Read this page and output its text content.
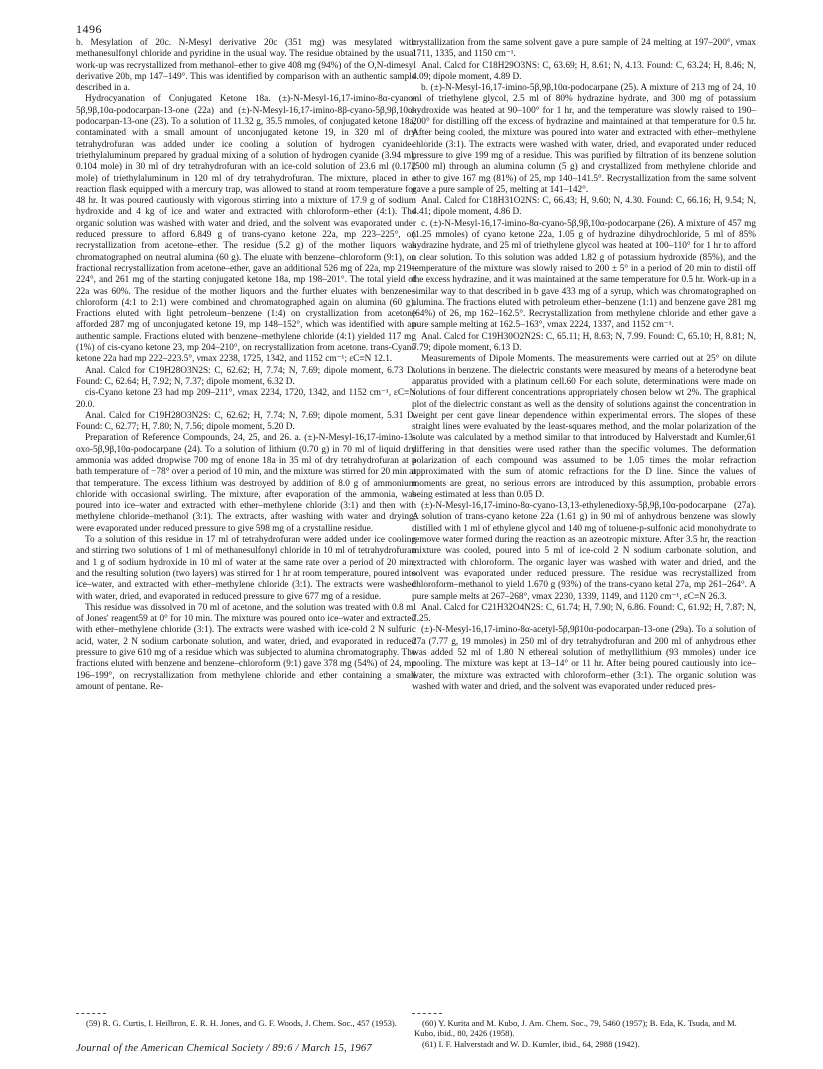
1496

b. Mesylation of 20c. N-Mesyl derivative 20c (351 mg) was mesylated with methanesulfonyl chloride and pyridine in the usual way. The residue obtained by the usual work-up was recrystallized from methanol–ether to give 408 mg (94%) of the O,N-dimesyl derivative 20b, mp 147–149°. This was identified by comparison with an authentic sample described in a.

Hydrocyanation of Conjugated Ketone 18a. (±)-N-Mesyl-16,17-imino-8α-cyano-5β,9β,10α-podocarpan-13-one (22a) and (±)-N-Mesyl-16,17-imino-8β-cyano-5β,9β,10α-podocarpan-13-one (23). To a solution of 11.32 g, 35.5 mmoles, of conjugated ketone 18a, contaminated with a small amount of unconjugated ketone 19, in 320 ml of dry tetrahydrofuran was added under ice cooling a solution of hydrogen cyanide–triethylaluminum prepared by gradual mixing of a solution of hydrogen cyanide (3.94 ml, 0.104 mole) in 30 ml of dry tetrahydrofuran with an ice-cold solution of 23.6 ml (0.172 mole) of triethylaluminum in 120 ml of dry tetrahydrofuran. The mixture, placed in a reaction flask equipped with a mercury trap, was allowed to stand at room temperature for 48 hr. It was poured cautiously with vigorous stirring into a mixture of 17.9 g of sodium hydroxide and 4 kg of ice and water and extracted with chloroform–ether (4:1). The organic solution was washed with water and dried, and the solvent was evaporated under reduced pressure to afford 6.849 g of trans-cyano ketone 22a, mp 223–225°, on recrystallization from acetone–ether. The residue (5.2 g) of the mother liquors was chromatographed on neutral alumina (60 g). The eluate with benzene–chloroform (9:1), on fractional recrystallization from acetone–ether, gave an additional 526 mg of 22a, mp 219–224°, and 261 mg of the starting conjugated ketone 18a, mp 198–201°. The total yield of 22a was 60%. The residue of the mother liquors and the further eluates with benzene–chloroform (4:1 to 2:1) were combined and chromatographed again on alumina (60 g). Fractions eluted with light petroleum–benzene (1:4) on crystallization from acetone afforded 287 mg of unconjugated ketone 19, mp 148–152°, which was identified with an authentic sample. Fractions eluted with benzene–methylene chloride (4:1) yielded 117 mg (1%) of cis-cyano ketone 23, mp 204–210°, on recrystallization from acetone. trans-Cyano ketone 22a had mp 222–223.5°, νmax 2238, 1725, 1342, and 1152 cm⁻¹; εC≡N 12.1.

Anal. Calcd for C19H28O3N2S: C, 62.62; H, 7.74; N, 7.69; dipole moment, 6.73 D. Found: C, 62.64; H, 7.92; N, 7.37; dipole moment, 6.32 D.

cis-Cyano ketone 23 had mp 209–211°, νmax 2234, 1720, 1342, and 1152 cm⁻¹, εC≡N 20.0.

Anal. Calcd for C19H28O3N2S: C, 62.62; H, 7.74; N, 7.69; dipole moment, 5.31 D. Found: C, 62.77; H, 7.80; N, 7.56; dipole moment, 5.20 D.

Preparation of Reference Compounds, 24, 25, and 26. a. (±)-N-Mesyl-16,17-imino-13-oxo-5β,9β,10α-podocarpane (24). To a solution of lithium (0.70 g) in 70 ml of liquid dry ammonia was added dropwise 700 mg of enone 18a in 35 ml of dry tetrahydrofuran at a bath temperature of −78° over a period of 10 min, and the mixture was stirred for 20 min at that temperature. The excess lithium was destroyed by addition of 8.0 g of ammonium chloride with occasional swirling. The mixture, after evaporation of the ammonia, was poured into ice–water and extracted with ether–methylene chloride (3:1) and then with methylene chloride–methanol (3:1). The extracts, after washing with water and drying, were evaporated under reduced pressure to give 598 mg of a crystalline residue.

To a solution of this residue in 17 ml of tetrahydrofuran were added under ice cooling and stirring two solutions of 1 ml of methanesulfonyl chloride in 10 ml of tetrahydrofuran and 1 g of sodium hydroxide in 10 ml of water at the same rate over a period of 20 min, and the resulting solution (two layers) was stirred for 1 hr at room temperature, poured into ice–water, and extracted with ether–methylene chloride (3:1). The extracts were washed with water, dried, and evaporated in reduced pressure to give 677 mg of a residue.

This residue was dissolved in 70 ml of acetone, and the solution was treated with 0.8 ml of Jones' reagent59 at 0° for 10 min. The mixture was poured onto ice–water and extracted with ether–methylene chloride (3:1). The extracts were washed with ice-cold 2 N sulfuric acid, water, 2 N sodium carbonate solution, and water, dried, and evaporated in reduced pressure to give 610 mg of a residue which was subjected to alumina chromatography. The fractions eluted with benzene and benzene–chloroform (9:1) gave 378 mg (54%) of 24, mp 196–199°, on recrystallization from methylene chloride and ether containing a small amount of pentane. Re-

crystallization from the same solvent gave a pure sample of 24 melting at 197–200°, νmax 1711, 1335, and 1150 cm⁻¹.

Anal. Calcd for C18H29O3NS: C, 63.69; H, 8.61; N, 4.13. Found: C, 63.24; H, 8.46; N, 4.09; dipole moment, 4.89 D.

b. (±)-N-Mesyl-16,17-imino-5β,9β,10α-podocarpane (25). A mixture of 213 mg of 24, 10 ml of triethylene glycol, 2.5 ml of 80% hydrazine hydrate, and 300 mg of potassium hydroxide was heated at 90–100° for 1 hr, and the temperature was slowly raised to 190–200° for distilling off the excess of hydrazine and maintained at that temperature for 0.5 hr. After being cooled, the mixture was poured into water and extracted with ether–methylene chloride (3:1). The extracts were washed with water, dried, and evaporated under reduced pressure to give 199 mg of a residue. This was purified by filtration of its benzene solution (500 ml) through an alumina column (5 g) and crystallized from methylene chloride and ether to give 167 mg (81%) of 25, mp 140–141.5°. Recrystallization from the same solvent gave a pure sample of 25, melting at 141–142°.

Anal. Calcd for C18H31O2NS: C, 66.43; H, 9.60; N, 4.30. Found: C, 66.16; H, 9.54; N, 4.41; dipole moment, 4.86 D.

c. (±)-N-Mesyl-16,17-imino-8α-cyano-5β,9β,10α-podocarpane (26). A mixture of 457 mg (1.25 mmoles) of cyano ketone 22a, 1.05 g of hydrazine dihydrochloride, 5 ml of 85% hydrazine hydrate, and 25 ml of triethylene glycol was heated at 100–110° for 1 hr to afford a clear solution. To this solution was added 1.82 g of potassium hydroxide (85%), and the temperature of the mixture was slowly raised to 200 ± 5° in a period of 20 min to distil off the excess hydrazine, and it was maintained at the same temperature for 0.5 hr. Work-up in a similar way to that described in b gave 433 mg of a syrup, which was chromatographed on alumina. The fractions eluted with petroleum ether–benzene (1:1) and benzene gave 281 mg (64%) of 26, mp 162–162.5°. Recrystallization from methylene chloride and ether gave a pure sample melting at 162.5–163°, νmax 2224, 1337, and 1152 cm⁻¹.

Anal. Calcd for C19H30O2N2S: C, 65.11; H, 8.63; N, 7.99. Found: C, 65.10; H, 8.81; N, 7.79; dipole moment, 6.13 D.

Measurements of Dipole Moments. The measurements were carried out at 25° on dilute solutions in benzene. The dielectric constants were measured by means of a heterodyne beat apparatus provided with a platinum cell.60 For each solute, determinations were made on solutions of four different concentrations appropriately chosen below wt 2%. The graphical plot of the dielectric constant as well as the density of solutions against the concentration in weight per cent gave linear dependence within experimental errors. The slopes of these straight lines were evaluated by the least-squares method, and the molar polarization of the solute was calculated by a method similar to that introduced by Halverstadt and Kumler,61 differing in that densities were used rather than the specific volumes. The deformation polarization of each compound was assumed to be 1.05 times the molar refraction approximated with the sum of atomic refractions for the D line. Since the values of moments are great, no serious errors are introduced by this assumption, probable errors being estimated at less than 0.05 D.

(±)-N-Mesyl-16,17-imino-8α-cyano-13,13-ethylenedioxy-5β,9β,10α-podocarpane (27a). A solution of trans-cyano ketone 22a (1.61 g) in 90 ml of anhydrous benzene was slowly distilled with 1 ml of ethylene glycol and 140 mg of toluene-p-sulfonic acid monohydrate to remove water formed during the reaction as an azeotropic mixture. After 3.5 hr, the reaction mixture was cooled, poured into 5 ml of ice-cold 2 N sodium carbonate solution, and extracted with chloroform. The organic layer was washed with water and dried, and the solvent was evaporated under reduced pressure. The residue was recrystallized from chloroform–methanol to yield 1.670 g (93%) of the trans-cyano ketal 27a, mp 261–264°. A pure sample melts at 267–268°, νmax 2230, 1339, 1149, and 1120 cm⁻¹, εC≡N 26.3.

Anal. Calcd for C21H32O4N2S: C, 61.74; H, 7.90; N, 6.86. Found: C, 61.92; H, 7.87; N, 7.25.

(±)-N-Mesyl-16,17-imino-8α-acetyl-5β,9β10α-podocarpan-13-one (29a). To a solution of 27a (7.77 g, 19 mmoles) in 250 ml of dry tetrahydrofuran and 200 ml of anhydrous ether was added 52 ml of 1.80 N ethereal solution of methyllithium (93 mmoles) under ice cooling. The mixture was kept at 13–14° or 11 hr. After being poured cautiously into ice–water, the mixture was extracted with chloroform–ether (3:1). The organic solution was washed with water and dried, and the solvent was evaporated under reduced pres-

(59) R. G. Curtis, I. Heilbron, E. R. H. Jones, and G. F. Woods, J. Chem. Soc., 457 (1953).	(60) Y. Kurita and M. Kubo, J. Am. Chem. Soc., 79, 5460 (1957); B. Eda, K. Tsuda, and M. Kubo, ibid., 80, 2426 (1958).

(61) I. F. Halverstadt and W. D. Kumler, ibid., 64, 2988 (1942).

Journal of the American Chemical Society / 89:6 / March 15, 1967
